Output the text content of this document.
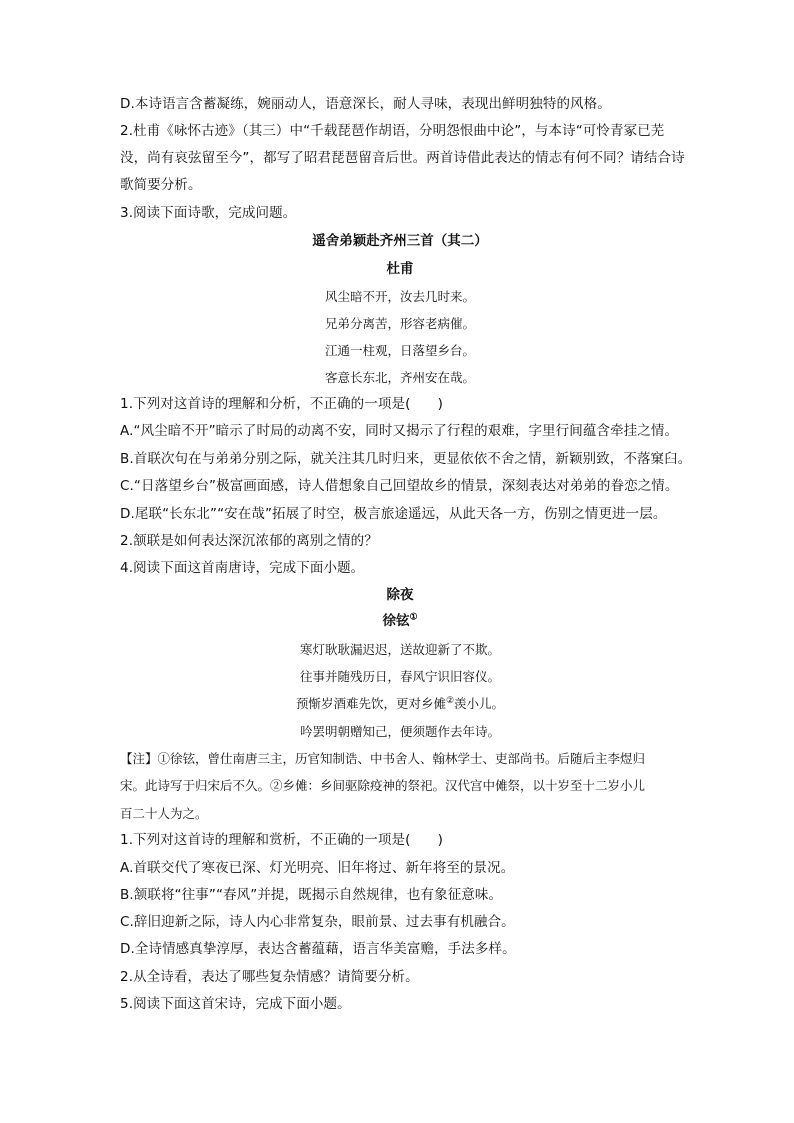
D.本诗语言含蓄凝练，婉丽动人，语意深长，耐人寻味，表现出鲜明独特的风格。
2.杜甫《咏怀古迹》（其三）中“千载琵琶作胡语，分明怨恨曲中论”，与本诗“可怜青冢已芜
没，尚有哀弦留至今”，都写了昭君琵琶留音后世。两首诗借此表达的情志有何不同？请结合诗
歌简要分析。
3.阅读下面诗歌，完成问题。
遥舍弟颖赴齐州三首（其二）
杜甫
风尘暗不开，汝去几时来。
兄弟分离苦，形容老病催。
江通一柱观，日落望乡台。
客意长东北，齐州安在哉。
1.下列对这首诗的理解和分析，不正确的一项是(　　)
A.“风尘暗不开”暗示了时局的动离不安，同时又揭示了行程的艰难，字里行间蕴含牵挂之情。
B.首联次句在与弟弟分别之际，就关注其几时归来，更显依依不舍之情，新颖别致，不落窠臼。
C.“日落望乡台”极富画面感，诗人借想象自己回望故乡的情景，深刻表达对弟弟的眷恋之情。
D.尾联“长东北”“安在哉”拓展了时空，极言旅途遥远，从此天各一方，伤别之情更进一层。
2.颔联是如何表达深沉浓郁的离别之情的？
4.阅读下面这首南唐诗，完成下面小题。
除夜
徐铉①
寒灯耿耿漏迟迟，送故迎新了不欺。
往事并随残历日，春风宁识旧容仪。
预惭岁酒难先饮，更对乡傩②羡小儿。
吟罢明朝赠知己，便须题作去年诗。
【注】①徐铉，曾仕南唐三主，历官知制诰、中书舍人、翰林学士、吏部尚书。后随后主李煜归
宋。此诗写于归宋后不久。②乡傩：乡间驱除疫神的祭祀。汉代宫中傩祭，以十岁至十二岁小儿
百二十人为之。
1.下列对这首诗的理解和赏析，不正确的一项是(　　)
A.首联交代了寒夜已深、灯光明亮、旧年将过、新年将至的景况。
B.颔联将“往事”“春风”并提，既揭示自然规律，也有象征意味。
C.辞旧迎新之际，诗人内心非常复杂，眼前景、过去事有机融合。
D.全诗情感真挚淳厚，表达含蓄蕴藉，语言华美富赡，手法多样。
2.从全诗看，表达了哪些复杂情感？请简要分析。
5.阅读下面这首宋诗，完成下面小题。
